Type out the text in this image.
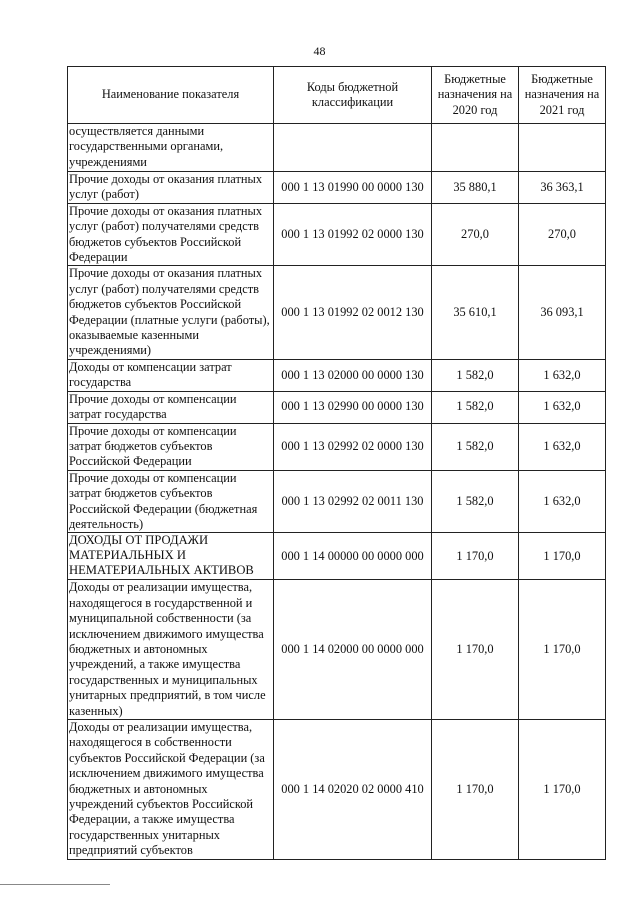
48
Наименование показателя	Коды бюджетной классификации	Бюджетные назначения на 2020 год	Бюджетные назначения на 2021 год
осуществляется данными государственными органами, учреждениями			
Прочие доходы от оказания платных услуг (работ)	000 1 13 01990 00 0000 130	35 880,1	36 363,1
Прочие доходы от оказания платных услуг (работ) получателями средств бюджетов субъектов Российской Федерации	000 1 13 01992 02 0000 130	270,0	270,0
Прочие доходы от оказания платных услуг (работ) получателями средств бюджетов субъектов Российской Федерации (платные услуги (работы), оказываемые казенными учреждениями)	000 1 13 01992 02 0012 130	35 610,1	36 093,1
Доходы от компенсации затрат государства	000 1 13 02000 00 0000 130	1 582,0	1 632,0
Прочие доходы от компенсации затрат государства	000 1 13 02990 00 0000 130	1 582,0	1 632,0
Прочие доходы от компенсации затрат бюджетов субъектов Российской Федерации	000 1 13 02992 02 0000 130	1 582,0	1 632,0
Прочие доходы от компенсации затрат бюджетов субъектов Российской Федерации (бюджетная деятельность)	000 1 13 02992 02 0011 130	1 582,0	1 632,0
ДОХОДЫ ОТ ПРОДАЖИ МАТЕРИАЛЬНЫХ И НЕМАТЕРИАЛЬНЫХ АКТИВОВ	000 1 14 00000 00 0000 000	1 170,0	1 170,0
Доходы от реализации имущества, находящегося в государственной и муниципальной собственности (за исключением движимого имущества бюджетных и автономных учреждений, а также имущества государственных и муниципальных унитарных предприятий, в том числе казенных)	000 1 14 02000 00 0000 000	1 170,0	1 170,0
Доходы от реализации имущества, находящегося в собственности субъектов Российской Федерации (за исключением движимого имущества бюджетных и автономных учреждений субъектов Российской Федерации, а также имущества государственных унитарных предприятий субъектов	000 1 14 02020 02 0000 410	1 170,0	1 170,0
